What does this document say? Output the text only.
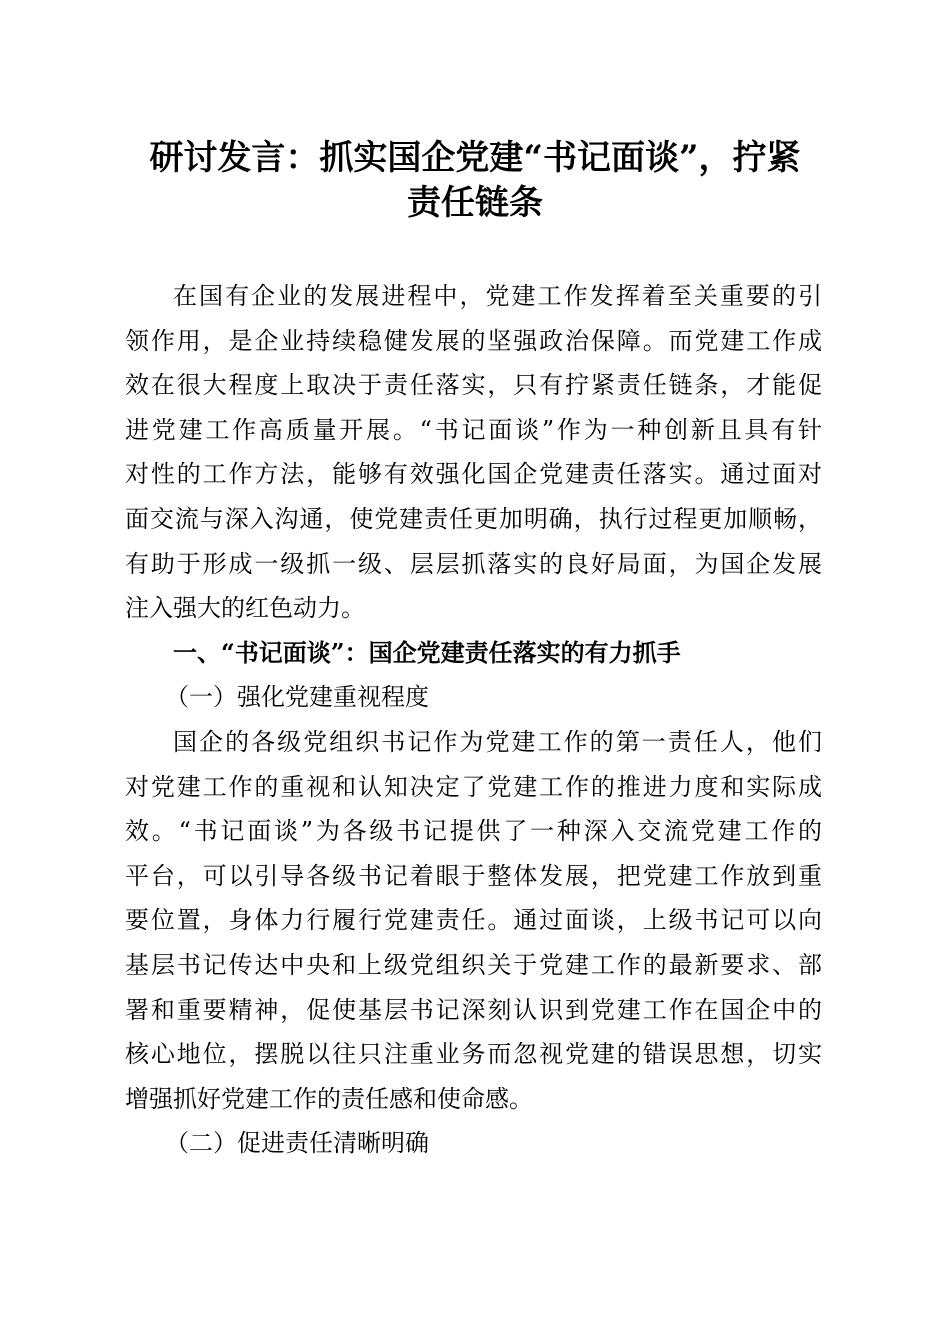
研讨发言：抓实国企党建“书记面谈”，拧紧
责任链条
在国有企业的发展进程中，党建工作发挥着至关重要的引
领作用，是企业持续稳健发展的坚强政治保障。而党建工作成
效在很大程度上取决于责任落实，只有拧紧责任链条，才能促
进党建工作高质量开展。“书记面谈”作为一种创新且具有针
对性的工作方法，能够有效强化国企党建责任落实。通过面对
面交流与深入沟通，使党建责任更加明确，执行过程更加顺畅，
有助于形成一级抓一级、层层抓落实的良好局面，为国企发展
注入强大的红色动力。
一、“书记面谈”：国企党建责任落实的有力抓手
（一）强化党建重视程度
国企的各级党组织书记作为党建工作的第一责任人，他们
对党建工作的重视和认知决定了党建工作的推进力度和实际成
效。“书记面谈”为各级书记提供了一种深入交流党建工作的
平台，可以引导各级书记着眼于整体发展，把党建工作放到重
要位置，身体力行履行党建责任。通过面谈，上级书记可以向
基层书记传达中央和上级党组织关于党建工作的最新要求、部
署和重要精神，促使基层书记深刻认识到党建工作在国企中的
核心地位，摆脱以往只注重业务而忽视党建的错误思想，切实
增强抓好党建工作的责任感和使命感。
（二）促进责任清晰明确
